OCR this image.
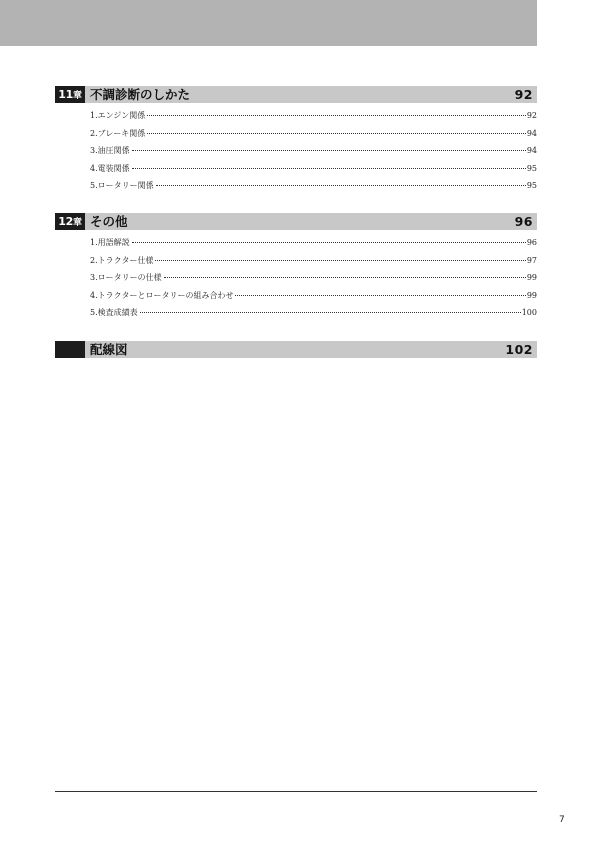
11章 不調診断のしかた	92
1.エンジン関係	92
2.ブレーキ関係	94
3.油圧関係	94
4.電装関係	95
5.ロータリー関係	95
12章 その他	96
1.用語解説	96
2.トラクター仕様	97
3.ロータリーの仕様	99
4.トラクターとロータリーの組み合わせ	99
5.検査成績表	100
配線図	102
7
